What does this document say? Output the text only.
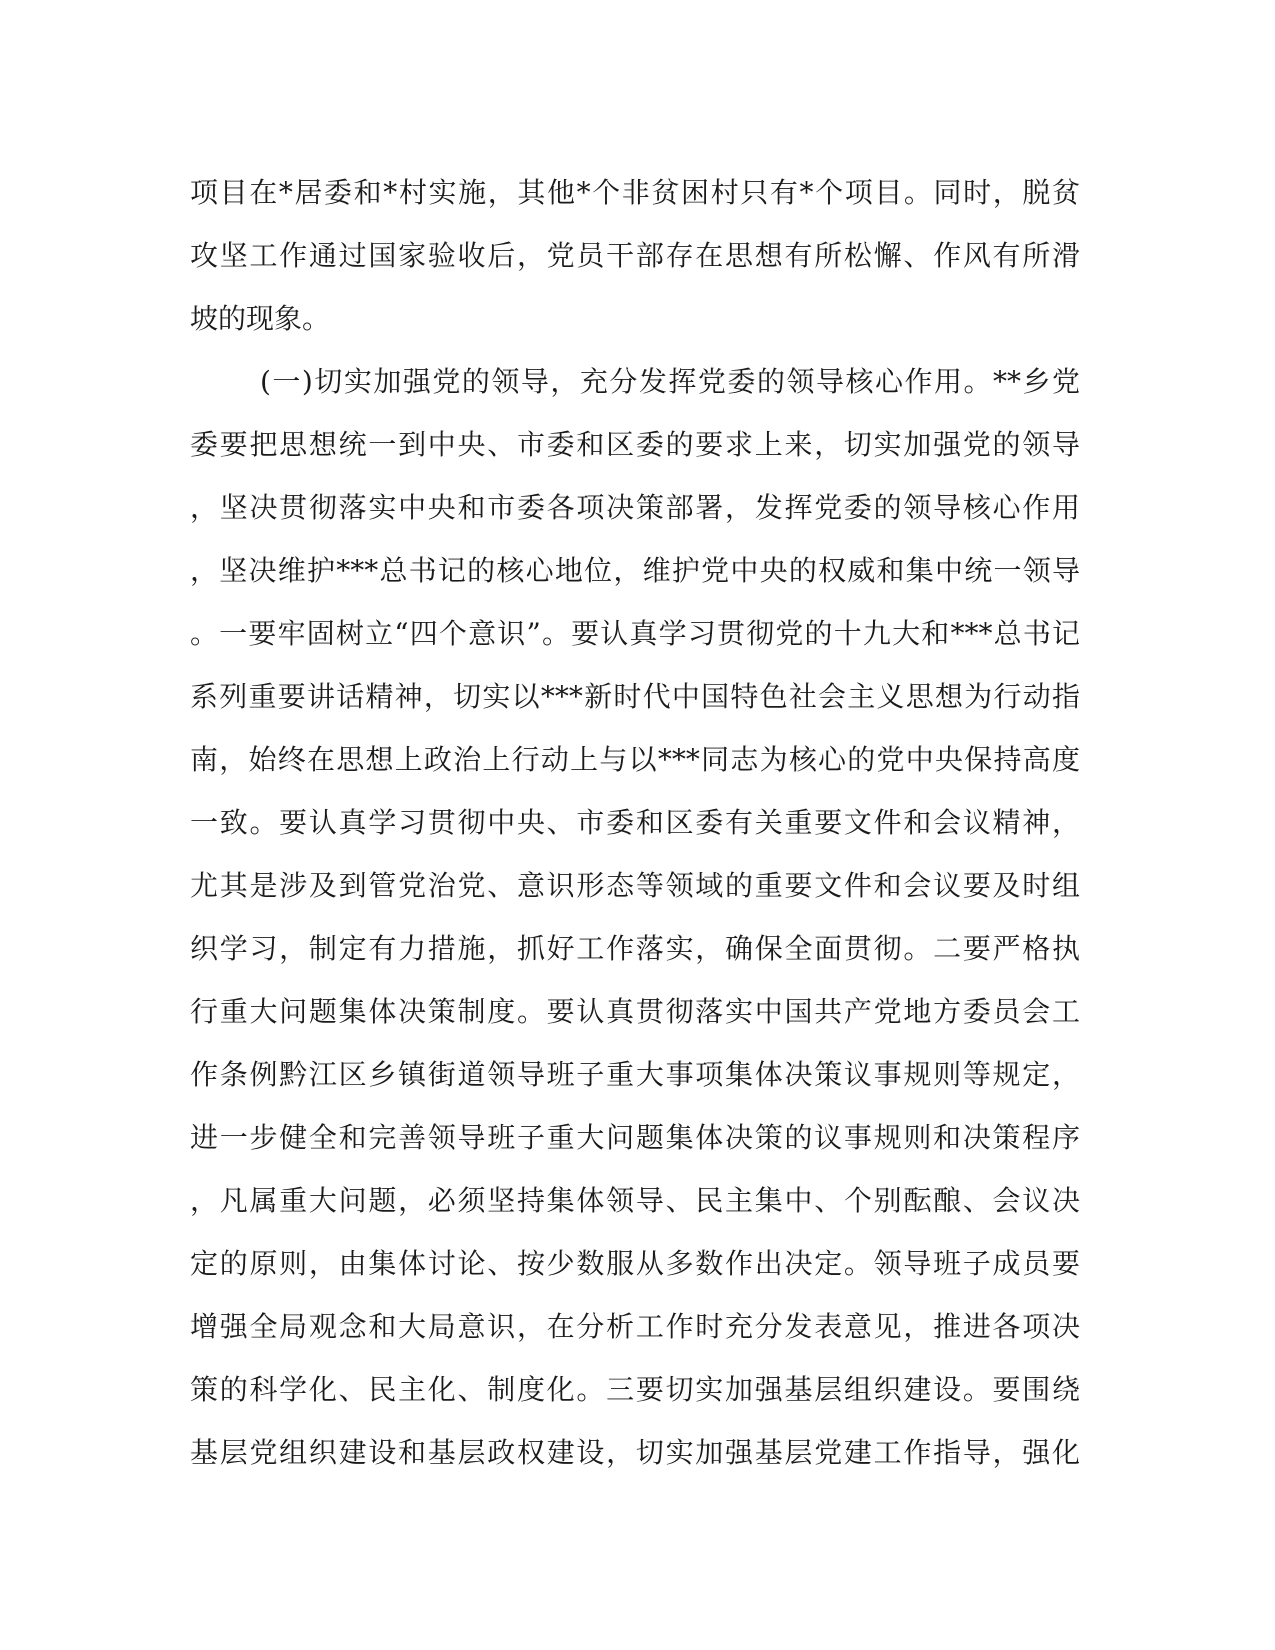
项目在*居委和*村实施，其他*个非贫困村只有*个项目。同时，脱贫
攻坚工作通过国家验收后，党员干部存在思想有所松懈、作风有所滑
坡的现象。
(一)切实加强党的领导，充分发挥党委的领导核心作用。**乡党
委要把思想统一到中央、市委和区委的要求上来，切实加强党的领导
，坚决贯彻落实中央和市委各项决策部署，发挥党委的领导核心作用
，坚决维护***总书记的核心地位，维护党中央的权威和集中统一领导
。一要牢固树立“四个意识”。要认真学习贯彻党的十九大和***总书记
系列重要讲话精神，切实以***新时代中国特色社会主义思想为行动指
南，始终在思想上政治上行动上与以***同志为核心的党中央保持高度
一致。要认真学习贯彻中央、市委和区委有关重要文件和会议精神，
尤其是涉及到管党治党、意识形态等领域的重要文件和会议要及时组
织学习，制定有力措施，抓好工作落实，确保全面贯彻。二要严格执
行重大问题集体决策制度。要认真贯彻落实中国共产党地方委员会工
作条例黔江区乡镇街道领导班子重大事项集体决策议事规则等规定，
进一步健全和完善领导班子重大问题集体决策的议事规则和决策程序
，凡属重大问题，必须坚持集体领导、民主集中、个别酝酿、会议决
定的原则，由集体讨论、按少数服从多数作出决定。领导班子成员要
增强全局观念和大局意识，在分析工作时充分发表意见，推进各项决
策的科学化、民主化、制度化。三要切实加强基层组织建设。要围绕
基层党组织建设和基层政权建设，切实加强基层党建工作指导，强化
